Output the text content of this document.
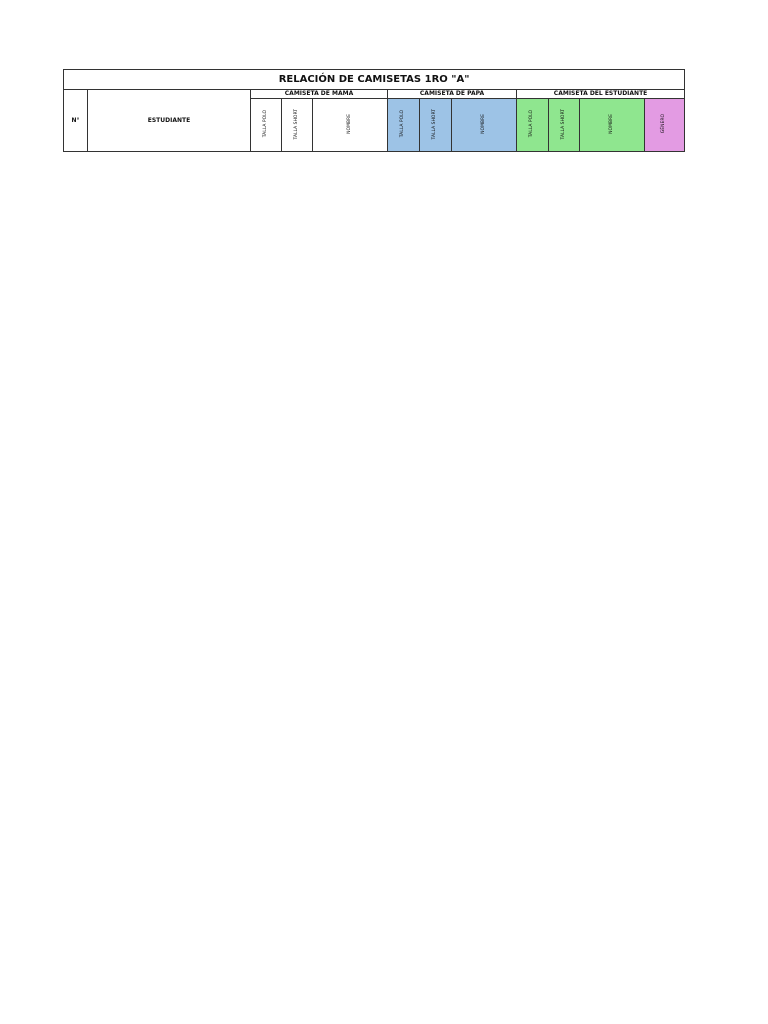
RELACIÓN DE CAMISETAS 1RO "A"											
N°	ESTUDIANTE	CAMISETA DE MAMÁ			CAMISETA DE PAPÁ			CAMISETA DEL ESTUDIANTE			
		TALLA POLO	TALLA SHORT	NOMBRE	TALLA POLO	TALLA SHORT	NOMBRE	TALLA POLO	TALLA SHORT	NOMBRE	GÉNERO
